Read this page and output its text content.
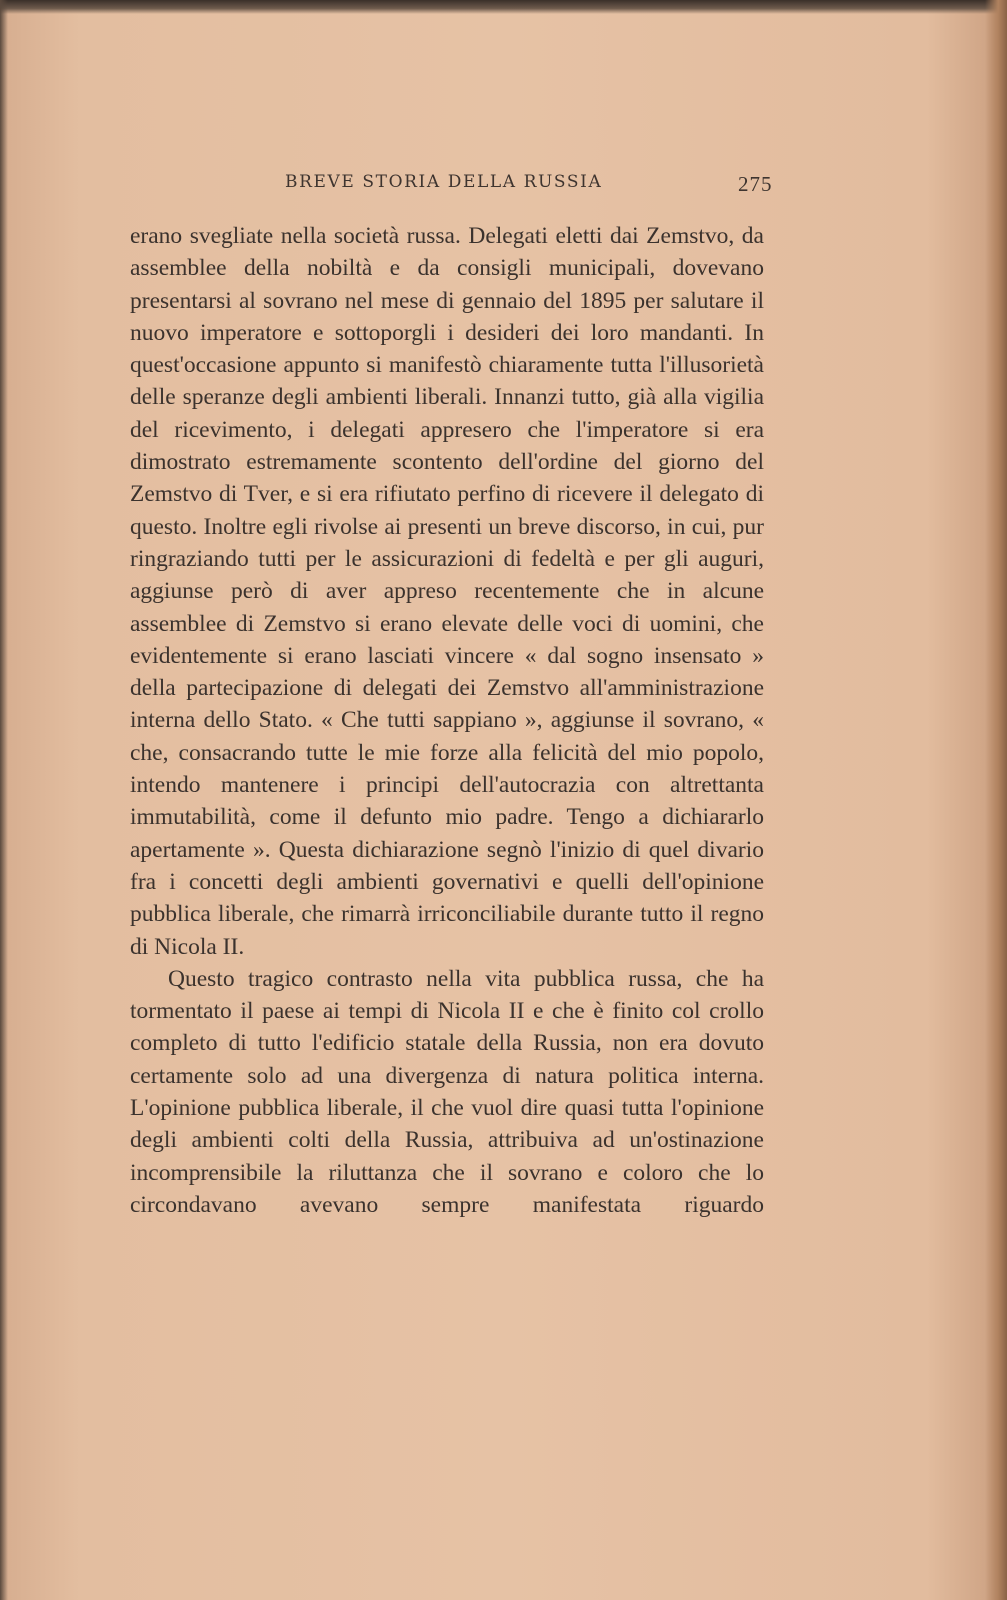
BREVE STORIA DELLA RUSSIA	275

erano svegliate nella società russa. Delegati eletti dai Zemstvo, da assemblee della nobiltà e da consigli municipali, dovevano presentarsi al sovrano nel mese di gennaio del 1895 per salutare il nuovo imperatore e sottoporgli i desideri dei loro mandanti. In quest'occasione appunto si manifestò chiaramente tutta l'illusorietà delle speranze degli ambienti liberali. Innanzi tutto, già alla vigilia del ricevimento, i delegati appresero che l'imperatore si era dimostrato estremamente scontento dell'ordine del giorno del Zemstvo di Tver, e si era rifiutato perfino di ricevere il delegato di questo. Inoltre egli rivolse ai presenti un breve discorso, in cui, pur ringraziando tutti per le assicurazioni di fedeltà e per gli auguri, aggiunse però di aver appreso recentemente che in alcune assemblee di Zemstvo si erano elevate delle voci di uomini, che evidentemente si erano lasciati vincere « dal sogno insensato » della partecipazione di delegati dei Zemstvo all'amministrazione interna dello Stato. « Che tutti sappiano », aggiunse il sovrano, « che, consacrando tutte le mie forze alla felicità del mio popolo, intendo mantenere i principi dell'autocrazia con altrettanta immutabilità, come il defunto mio padre. Tengo a dichiararlo apertamente ». Questa dichiarazione segnò l'inizio di quel divario fra i concetti degli ambienti governativi e quelli dell'opinione pubblica liberale, che rimarrà irriconciliabile durante tutto il regno di Nicola II.

Questo tragico contrasto nella vita pubblica russa, che ha tormentato il paese ai tempi di Nicola II e che è finito col crollo completo di tutto l'edificio statale della Russia, non era dovuto certamente solo ad una divergenza di natura politica interna. L'opinione pubblica liberale, il che vuol dire quasi tutta l'opinione degli ambienti colti della Russia, attribuiva ad un'ostinazione incomprensibile la riluttanza che il sovrano e coloro che lo circondavano avevano sempre manifestata riguardo
